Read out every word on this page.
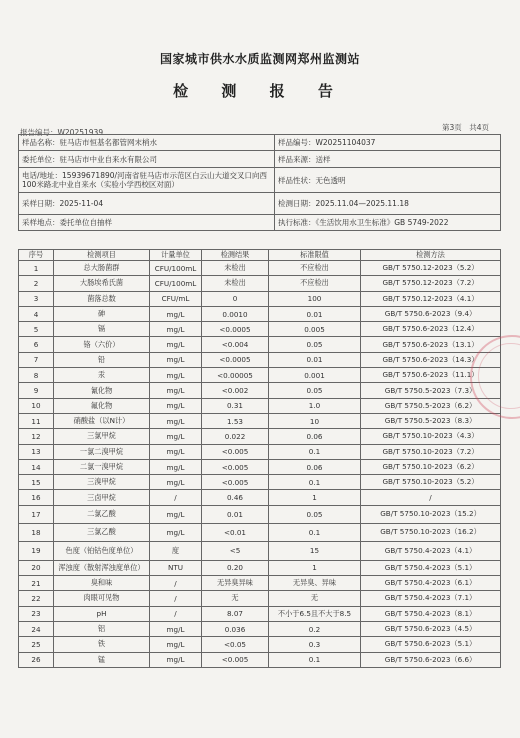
国家城市供水水质监测网郑州监测站
检 测 报 告
第3页　共4页
报告编号：W20251939
样品名称：驻马店市恒基名都管网末梢水	样品编号：W20251104037
委托单位：驻马店市中业自来水有限公司	样品来源：送样
电话/地址：15939671890/河南省驻马店市示范区白云山大道交叉口向西100米路北中业自来水（实验小学西校区对面）	样品性状：无色透明
采样日期：2025-11-04	检测日期：2025.11.04—2025.11.18
采样地点：委托单位自抽样	执行标准：《生活饮用水卫生标准》GB 5749-2022
序号	检测项目	计量单位	检测结果	标准限值	检测方法
1	总大肠菌群	CFU/100mL	未检出	不应检出	GB/T 5750.12-2023（5.2）
2	大肠埃希氏菌	CFU/100mL	未检出	不应检出	GB/T 5750.12-2023（7.2）
3	菌落总数	CFU/mL	0	100	GB/T 5750.12-2023（4.1）
4	砷	mg/L	0.0010	0.01	GB/T 5750.6-2023（9.4）
5	镉	mg/L	<0.0005	0.005	GB/T 5750.6-2023（12.4）
6	铬（六价）	mg/L	<0.004	0.05	GB/T 5750.6-2023（13.1）
7	铅	mg/L	<0.0005	0.01	GB/T 5750.6-2023（14.3）
8	汞	mg/L	<0.00005	0.001	GB/T 5750.6-2023（11.1）
9	氰化物	mg/L	<0.002	0.05	GB/T 5750.5-2023（7.3）
10	氟化物	mg/L	0.31	1.0	GB/T 5750.5-2023（6.2）
11	硝酸盐（以N计）	mg/L	1.53	10	GB/T 5750.5-2023（8.3）
12	三氯甲烷	mg/L	0.022	0.06	GB/T 5750.10-2023（4.3）
13	一氯二溴甲烷	mg/L	<0.005	0.1	GB/T 5750.10-2023（7.2）
14	二氯一溴甲烷	mg/L	<0.005	0.06	GB/T 5750.10-2023（6.2）
15	三溴甲烷	mg/L	<0.005	0.1	GB/T 5750.10-2023（5.2）
16	三卤甲烷	/	0.46	1	/
17	二氯乙酸	mg/L	0.01	0.05	GB/T 5750.10-2023（15.2）
18	三氯乙酸	mg/L	<0.01	0.1	GB/T 5750.10-2023（16.2）
19	色度（铂钴色度单位）	度	<5	15	GB/T 5750.4-2023（4.1）
20	浑浊度（散射浑浊度单位）	NTU	0.20	1	GB/T 5750.4-2023（5.1）
21	臭和味	/	无异臭异味	无异臭、异味	GB/T 5750.4-2023（6.1）
22	肉眼可见物	/	无	无	GB/T 5750.4-2023（7.1）
23	pH	/	8.07	不小于6.5且不大于8.5	GB/T 5750.4-2023（8.1）
24	铝	mg/L	0.036	0.2	GB/T 5750.6-2023（4.5）
25	铁	mg/L	<0.05	0.3	GB/T 5750.6-2023（5.1）
26	锰	mg/L	<0.005	0.1	GB/T 5750.6-2023（6.6）
